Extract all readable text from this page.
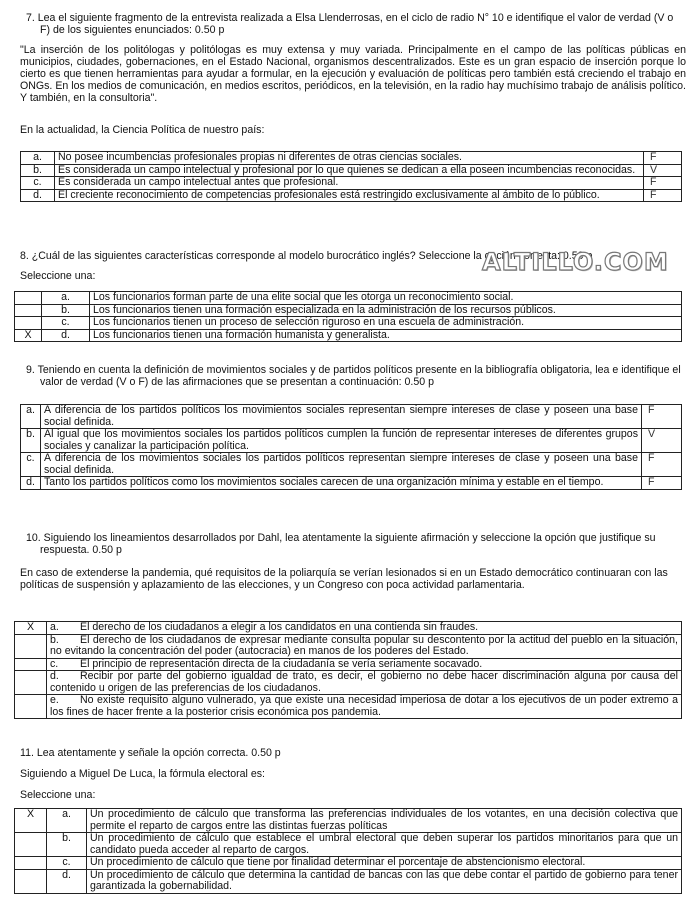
7. Lea el siguiente fragmento de la entrevista realizada a Elsa Llenderrosas, en el ciclo de radio N° 10 e identifique el valor de verdad (V o F) de los siguientes enunciados: 0.50 p

"La inserción de los politólogas y politólogas es muy extensa y muy variada. Principalmente en el campo de las políticas públicas en municipios, ciudades, gobernaciones, en el Estado Nacional, organismos descentralizados. Este es un gran espacio de inserción porque lo cierto es que tienen herramientas para ayudar a formular, en la ejecución y evaluación de políticas pero también está creciendo el trabajo en ONGs. En los medios de comunicación, en medios escritos, periódicos, en la televisión, en la radio hay muchísimo trabajo de análisis político. Y también, en la consultoria".

En la actualidad, la Ciencia Política de nuestro país:

a.	No posee incumbencias profesionales propias ni diferentes de otras ciencias sociales.	F
b.	Es considerada un campo intelectual y profesional por lo que quienes se dedican a ella poseen incumbencias reconocidas.	V
c.	Es considerada un campo intelectual antes que profesional.	F
d.	El creciente reconocimiento de competencias profesionales está restringido exclusivamente al ámbito de lo público.	F

8. ¿Cuál de las siguientes características corresponde al modelo burocrático inglés? Seleccione la opción correcta: 0.50 p

Seleccione una:	ALTILLO.COM
	a.	Los funcionarios forman parte de una elite social que les otorga un reconocimiento social.
	b.	Los funcionarios tienen una formación especializada en la administración de los recursos públicos.
	c.	Los funcionarios tienen un proceso de selección riguroso en una escuela de administración.
X	d.	Los funcionarios tienen una formación humanista y generalista.

9. Teniendo en cuenta la definición de movimientos sociales y de partidos políticos presente en la bibliografía obligatoria, lea e identifique el valor de verdad (V o F) de las afirmaciones que se presentan a continuación: 0.50 p

a.	A diferencia de los partidos políticos los movimientos sociales representan siempre intereses de clase y poseen una base social definida.	F
b.	Al igual que los movimientos sociales los partidos políticos cumplen la función de representar intereses de diferentes grupos sociales y canalizar la participación política.	V
c.	A diferencia de los movimientos sociales los partidos políticos representan siempre intereses de clase y poseen una base social definida.	F
d.	Tanto los partidos políticos como los movimientos sociales carecen de una organización mínima y estable en el tiempo.	F

10. Siguiendo los lineamientos desarrollados por Dahl, lea atentamente la siguiente afirmación y seleccione la opción que justifique su respuesta. 0.50 p

En caso de extenderse la pandemia, qué requisitos de la poliarquía se verían lesionados si en un Estado democrático continuaran con las políticas de suspensión y aplazamiento de las elecciones, y un Congreso con poca actividad parlamentaria.

X	a. El derecho de los ciudadanos a elegir a los candidatos en una contienda sin fraudes.
	b. El derecho de los ciudadanos de expresar mediante consulta popular su descontento por la actitud del pueblo en la situación, no evitando la concentración del poder (autocracia) en manos de los poderes del Estado.
	c. El principio de representación directa de la ciudadanía se vería seriamente socavado.
	d. Recibir por parte del gobierno igualdad de trato, es decir, el gobierno no debe hacer discriminación alguna por causa del contenido u origen de las preferencias de los ciudadanos.
	e. No existe requisito alguno vulnerado, ya que existe una necesidad imperiosa de dotar a los ejecutivos de un poder extremo a los fines de hacer frente a la posterior crisis económica pos pandemia.

11. Lea atentamente y señale la opción correcta. 0.50 p

Siguiendo a Miguel De Luca, la fórmula electoral es:

Seleccione una:

X	a.	Un procedimiento de cálculo que transforma las preferencias individuales de los votantes, en una decisión colectiva que permite el reparto de cargos entre las distintas fuerzas políticas
	b.	Un procedimiento de cálculo que establece el umbral electoral que deben superar los partidos minoritarios para que un candidato pueda acceder al reparto de cargos.
	c.	Un procedimiento de cálculo que tiene por finalidad determinar el porcentaje de abstencionismo electoral.
	d.	Un procedimiento de cálculo que determina la cantidad de bancas con las que debe contar el partido de gobierno para tener garantizada la gobernabilidad.
